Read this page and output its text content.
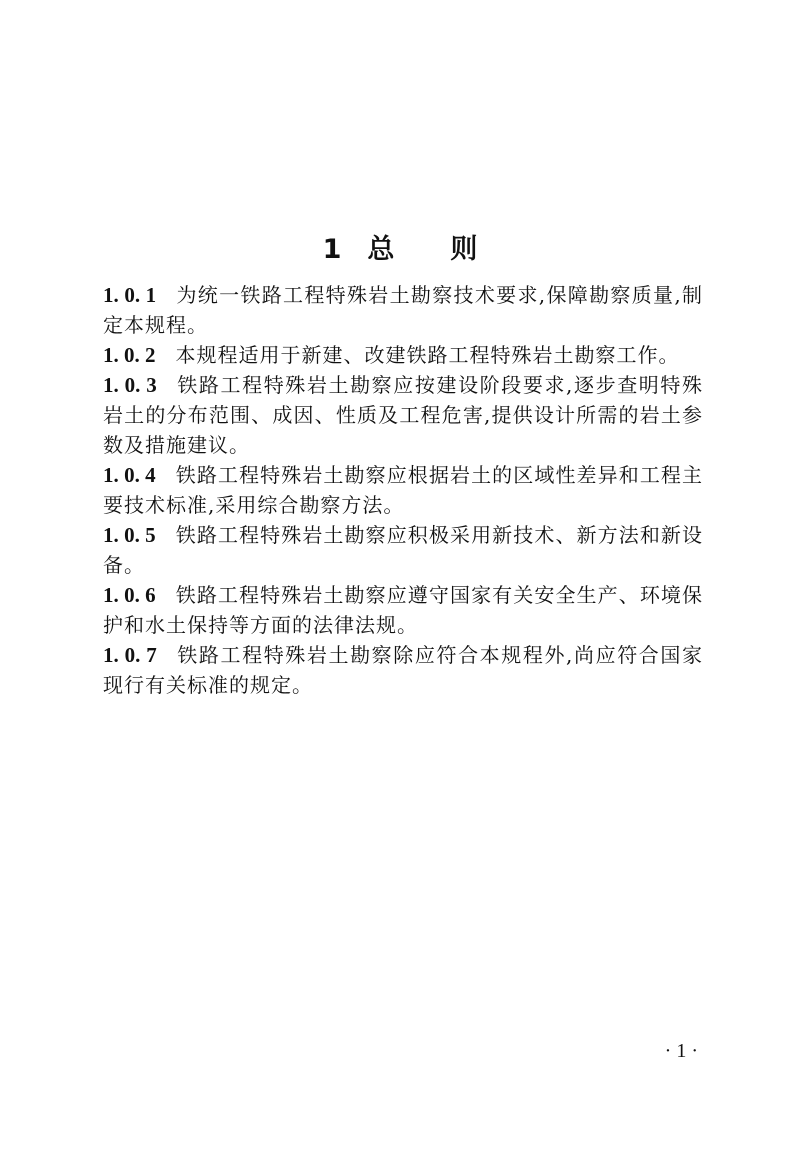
1 总 则
1. 0. 1 为统一铁路工程特殊岩土勘察技术要求,保障勘察质量,制定本规程。
1. 0. 2 本规程适用于新建、改建铁路工程特殊岩土勘察工作。
1. 0. 3 铁路工程特殊岩土勘察应按建设阶段要求,逐步查明特殊岩土的分布范围、成因、性质及工程危害,提供设计所需的岩土参数及措施建议。
1. 0. 4 铁路工程特殊岩土勘察应根据岩土的区域性差异和工程主要技术标准,采用综合勘察方法。
1. 0. 5 铁路工程特殊岩土勘察应积极采用新技术、新方法和新设备。
1. 0. 6 铁路工程特殊岩土勘察应遵守国家有关安全生产、环境保护和水土保持等方面的法律法规。
1. 0. 7 铁路工程特殊岩土勘察除应符合本规程外,尚应符合国家现行有关标准的规定。
· 1 ·
